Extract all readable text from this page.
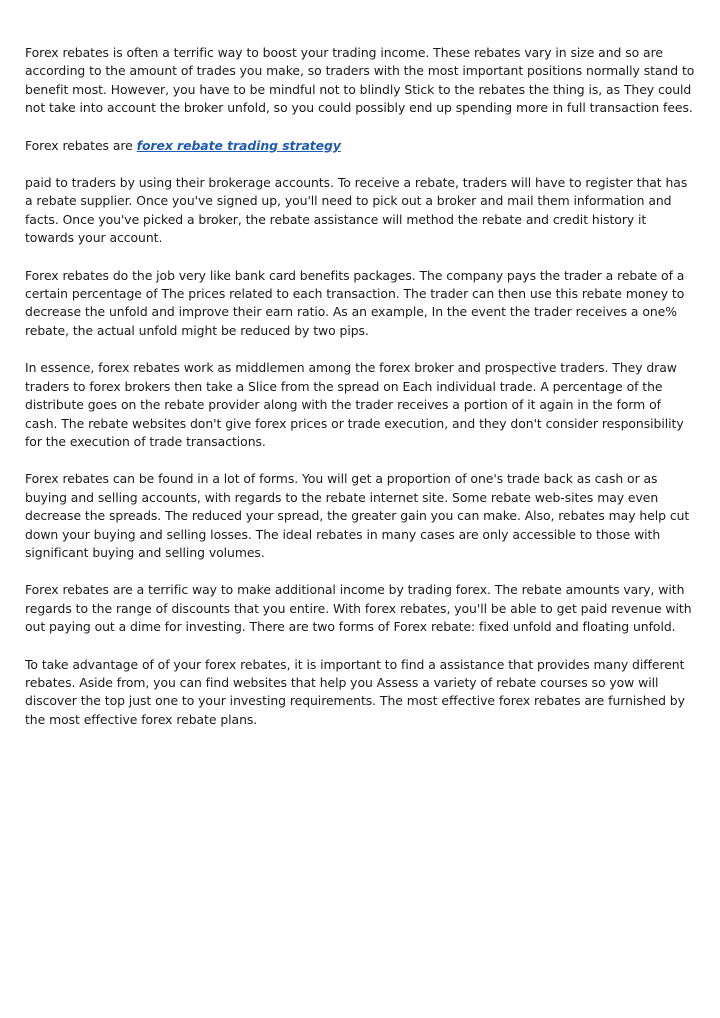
Forex rebates is often a terrific way to boost your trading income. These rebates vary in size and so are according to the amount of trades you make, so traders with the most important positions normally stand to benefit most. However, you have to be mindful not to blindly Stick to the rebates the thing is, as They could not take into account the broker unfold, so you could possibly end up spending more in full transaction fees.

Forex rebates are forex rebate trading strategy

paid to traders by using their brokerage accounts. To receive a rebate, traders will have to register that has a rebate supplier. Once you've signed up, you'll need to pick out a broker and mail them information and facts. Once you've picked a broker, the rebate assistance will method the rebate and credit history it towards your account.

Forex rebates do the job very like bank card benefits packages. The company pays the trader a rebate of a certain percentage of The prices related to each transaction. The trader can then use this rebate money to decrease the unfold and improve their earn ratio. As an example, In the event the trader receives a one% rebate, the actual unfold might be reduced by two pips.

In essence, forex rebates work as middlemen among the forex broker and prospective traders. They draw traders to forex brokers then take a Slice from the spread on Each individual trade. A percentage of the distribute goes on the rebate provider along with the trader receives a portion of it again in the form of cash. The rebate websites don't give forex prices or trade execution, and they don't consider responsibility for the execution of trade transactions.

Forex rebates can be found in a lot of forms. You will get a proportion of one's trade back as cash or as buying and selling accounts, with regards to the rebate internet site. Some rebate web-sites may even decrease the spreads. The reduced your spread, the greater gain you can make. Also, rebates may help cut down your buying and selling losses. The ideal rebates in many cases are only accessible to those with significant buying and selling volumes.

Forex rebates are a terrific way to make additional income by trading forex. The rebate amounts vary, with regards to the range of discounts that you entire. With forex rebates, you'll be able to get paid revenue with out paying out a dime for investing. There are two forms of Forex rebate: fixed unfold and floating unfold.

To take advantage of of your forex rebates, it is important to find a assistance that provides many different rebates. Aside from, you can find websites that help you Assess a variety of rebate courses so yow will discover the top just one to your investing requirements. The most effective forex rebates are furnished by the most effective forex rebate plans.
